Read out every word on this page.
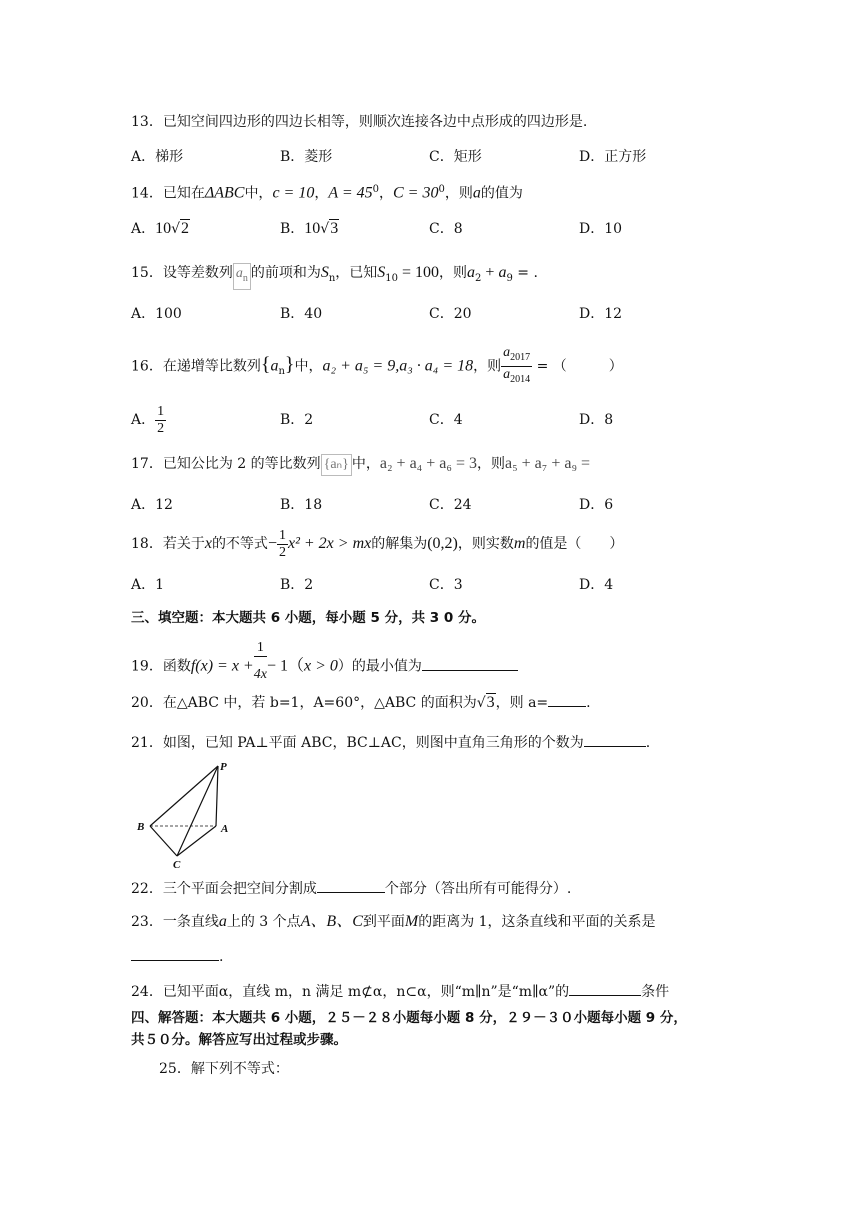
13．已知空间四边形的四边长相等，则顺次连接各边中点形成的四边形是.
A．梯形	B．菱形	C．矩形	D．正方形
14．已知在ΔABC中，c = 10，$A = 45^0$，$C = 30^0$，则a的值为
A．10√2	B．10√3	C．8	D．10
15．设等差数列 $a_n$ 的前项和为$S_n$，已知$S_{10} = 100$，则$a_2 + a_9$ = .
A．100	B．40	C．20	D．12
16．在递增等比数列$\{a_n\}$中，a₂ + a₅ = 9,a₃ · a₄ = 18，则 $\frac{a_{2017}}{a_{2014}}$ = （　　　）
A． $\frac{1}{2}$	B．2	C．4	D．8
17．已知公比为 2 的等比数列 {aₙ} 中，a₂ + a₄ + a₆ = 3，则a₅ + a₇ + a₉ =
A．12	B．18	C．24	D．6
18．若关于x的不等式− $\frac{1}{2} x^2 + 2x$ > mx的解集为(0,2)，则实数m的值是（　　）
A．1	B．2	C．3	D．4
三、填空题：本大题共 6 小题，每小题 5 分，共 3 0 分。
19．函数$f(x) = x + \frac{1}{4x}- 1(x > 0)$的最小值为
20．在△ABC 中，若 b=1，A=60°，△ABC 的面积为√3，则 a=	.
21．如图，已知 PA⊥平面 ABC，BC⊥AC，则图中直角三角形的个数为	.
P
B	A
C
22．三个平面会把空间分割成	个部分（答出所有可能得分）.
23．一条直线a上的 3 个点A、B、C到平面M的距离为 1，这条直线和平面的关系是
.
24．已知平面α，直线 m，n 满足 m⊄α，n⊂α，则“m∥n”是“m∥α”的	条件
四、解答题：本大题共 6 小题，２５－２８小题每小题 8 分，２９－３０小题每小题 9 分，
共５０分。解答应写出过程或步骤。
25．解下列不等式：
